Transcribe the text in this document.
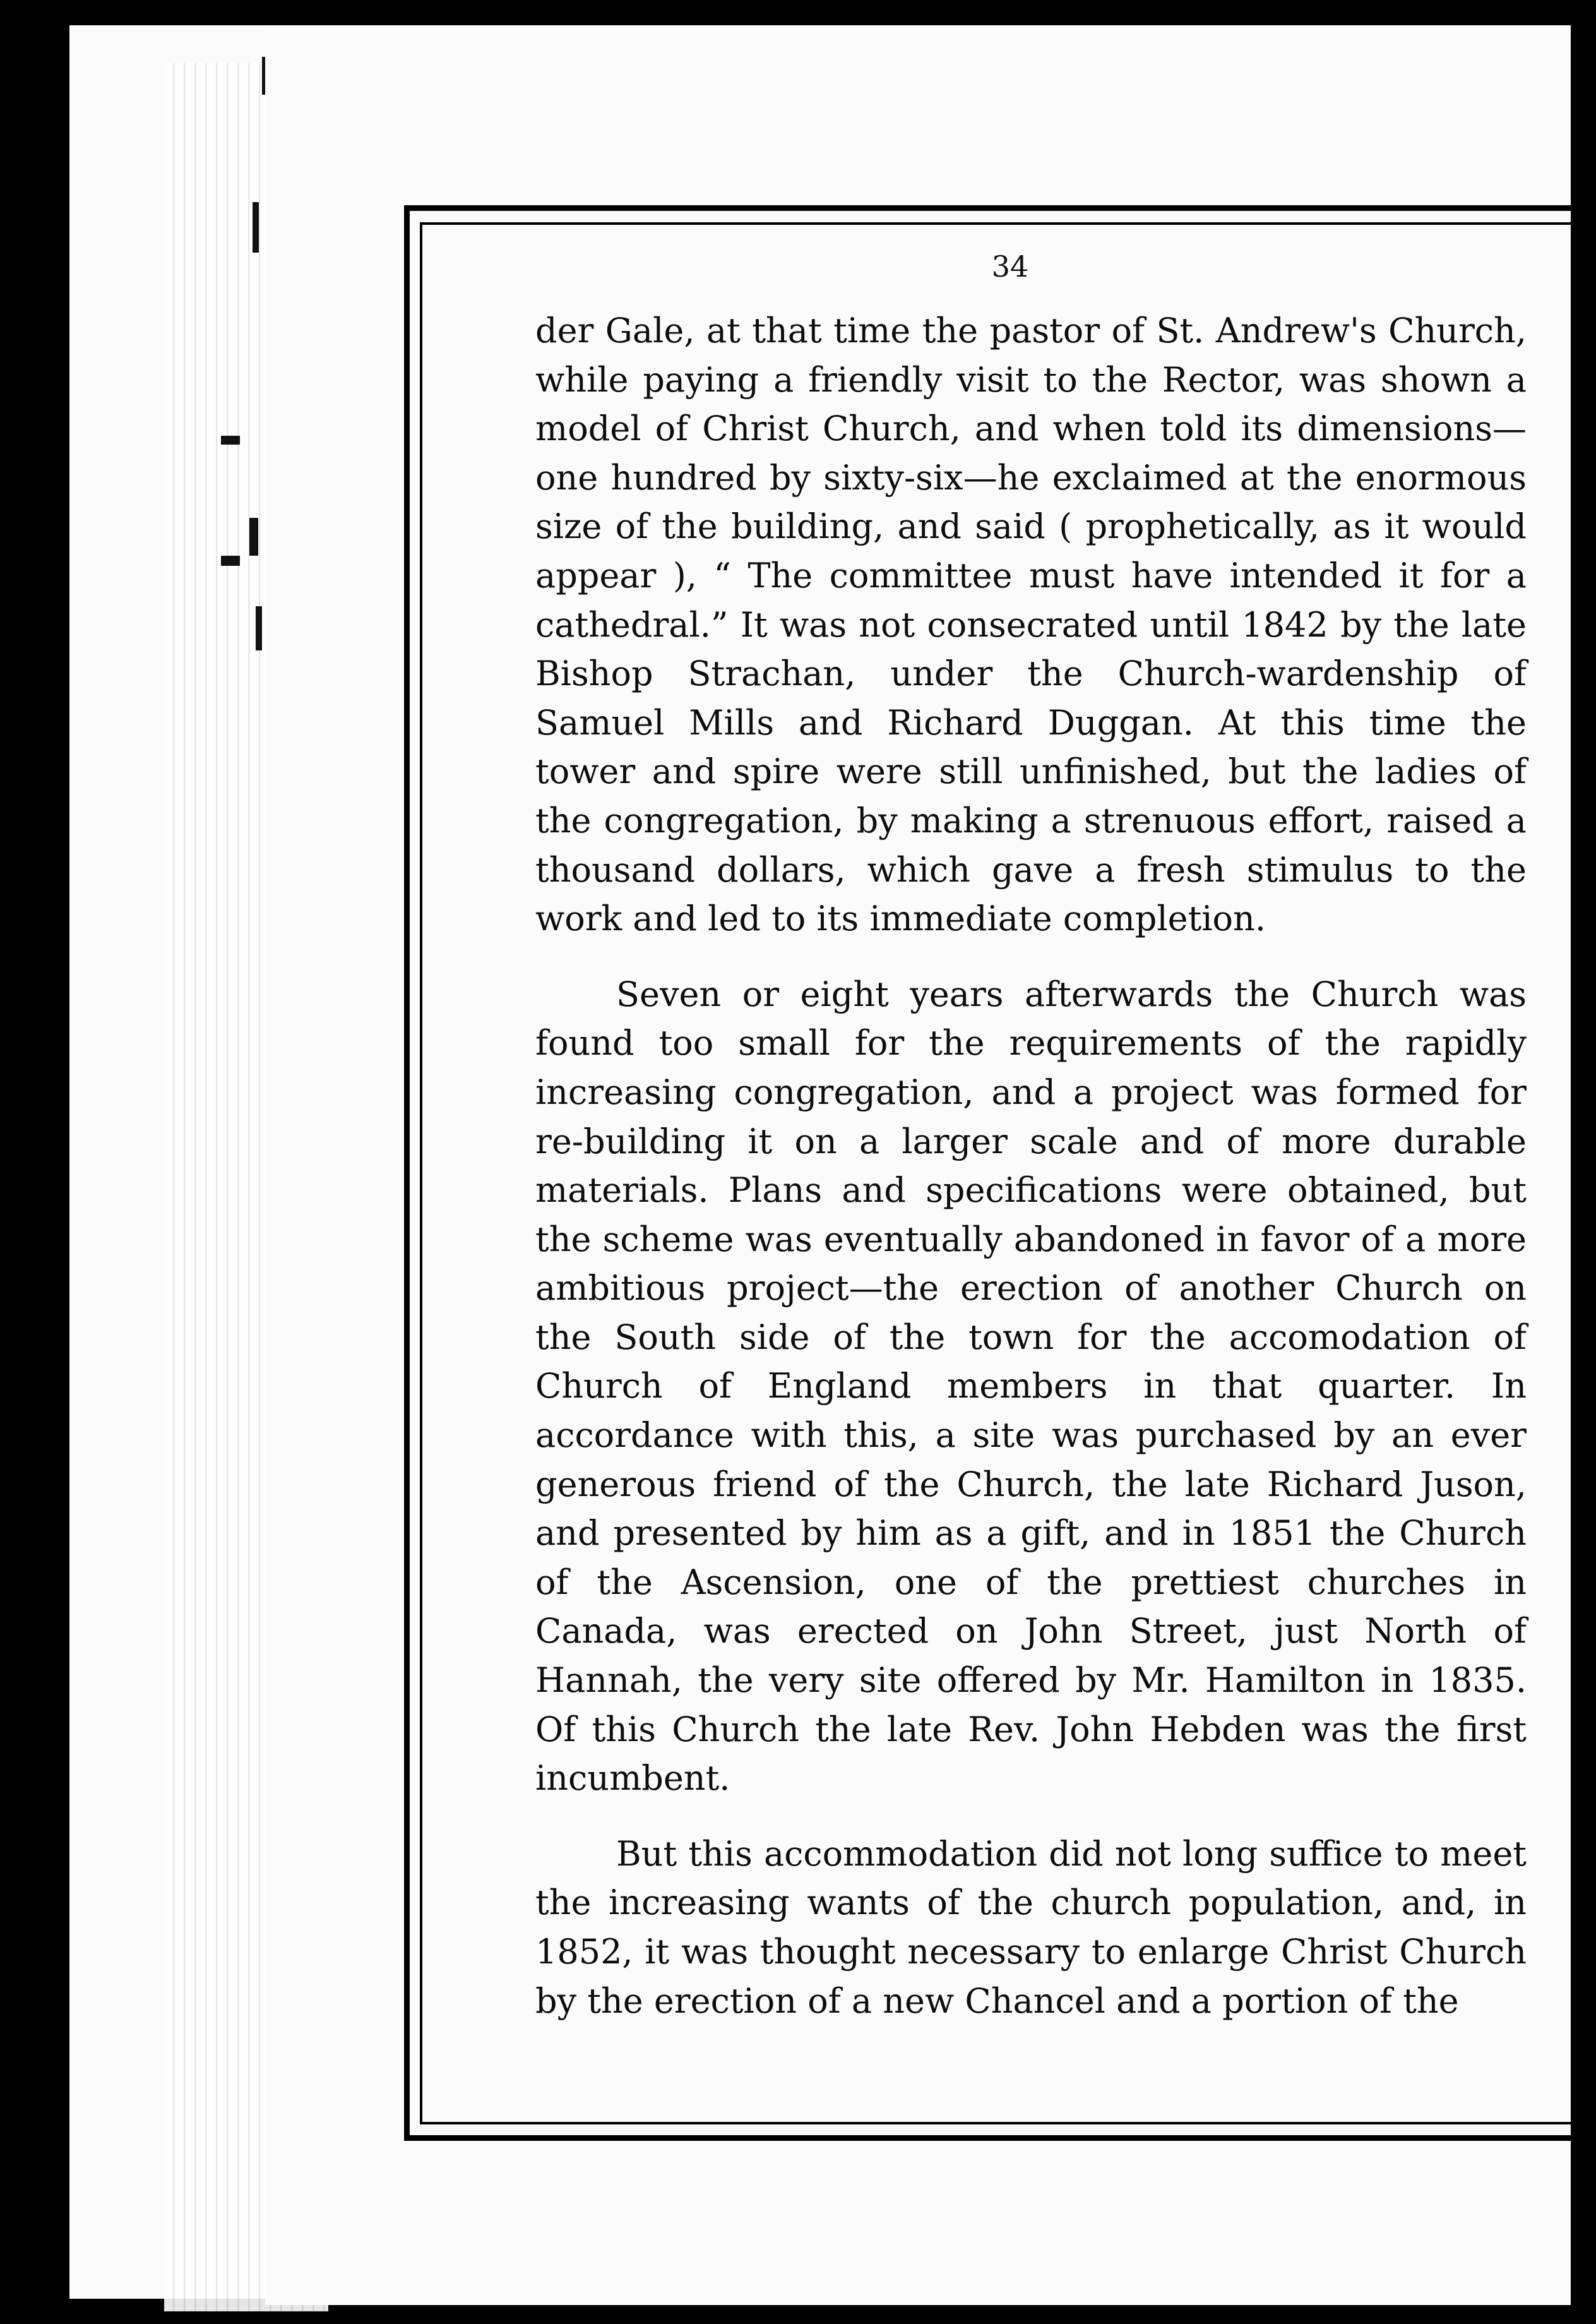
34

der Gale, at that time the pastor of St. Andrew's Church, while paying a friendly visit to the Rector, was shown a model of Christ Church, and when told its dimensions—one hundred by sixty-six—he exclaimed at the enormous size of the building, and said ( prophetically, as it would appear ), “ The committee must have intended it for a cathedral.” It was not consecrated until 1842 by the late Bishop Strachan, under the Church-wardenship of Samuel Mills and Richard Duggan. At this time the tower and spire were still unfinished, but the ladies of the congregation, by making a strenuous effort, raised a thousand dollars, which gave a fresh stimulus to the work and led to its immediate completion.

Seven or eight years afterwards the Church was found too small for the requirements of the rapidly increasing congregation, and a project was formed for re-building it on a larger scale and of more durable materials. Plans and specifications were obtained, but the scheme was eventually abandoned in favor of a more ambitious project—the erection of another Church on the South side of the town for the accomodation of Church of England members in that quarter. In accordance with this, a site was purchased by an ever generous friend of the Church, the late Richard Juson, and presented by him as a gift, and in 1851 the Church of the Ascension, one of the prettiest churches in Canada, was erected on John Street, just North of Hannah, the very site offered by Mr. Hamilton in 1835. Of this Church the late Rev. John Hebden was the first incumbent.

But this accommodation did not long suffice to meet the increasing wants of the church population, and, in 1852, it was thought necessary to enlarge Christ Church by the erection of a new Chancel and a portion of the
